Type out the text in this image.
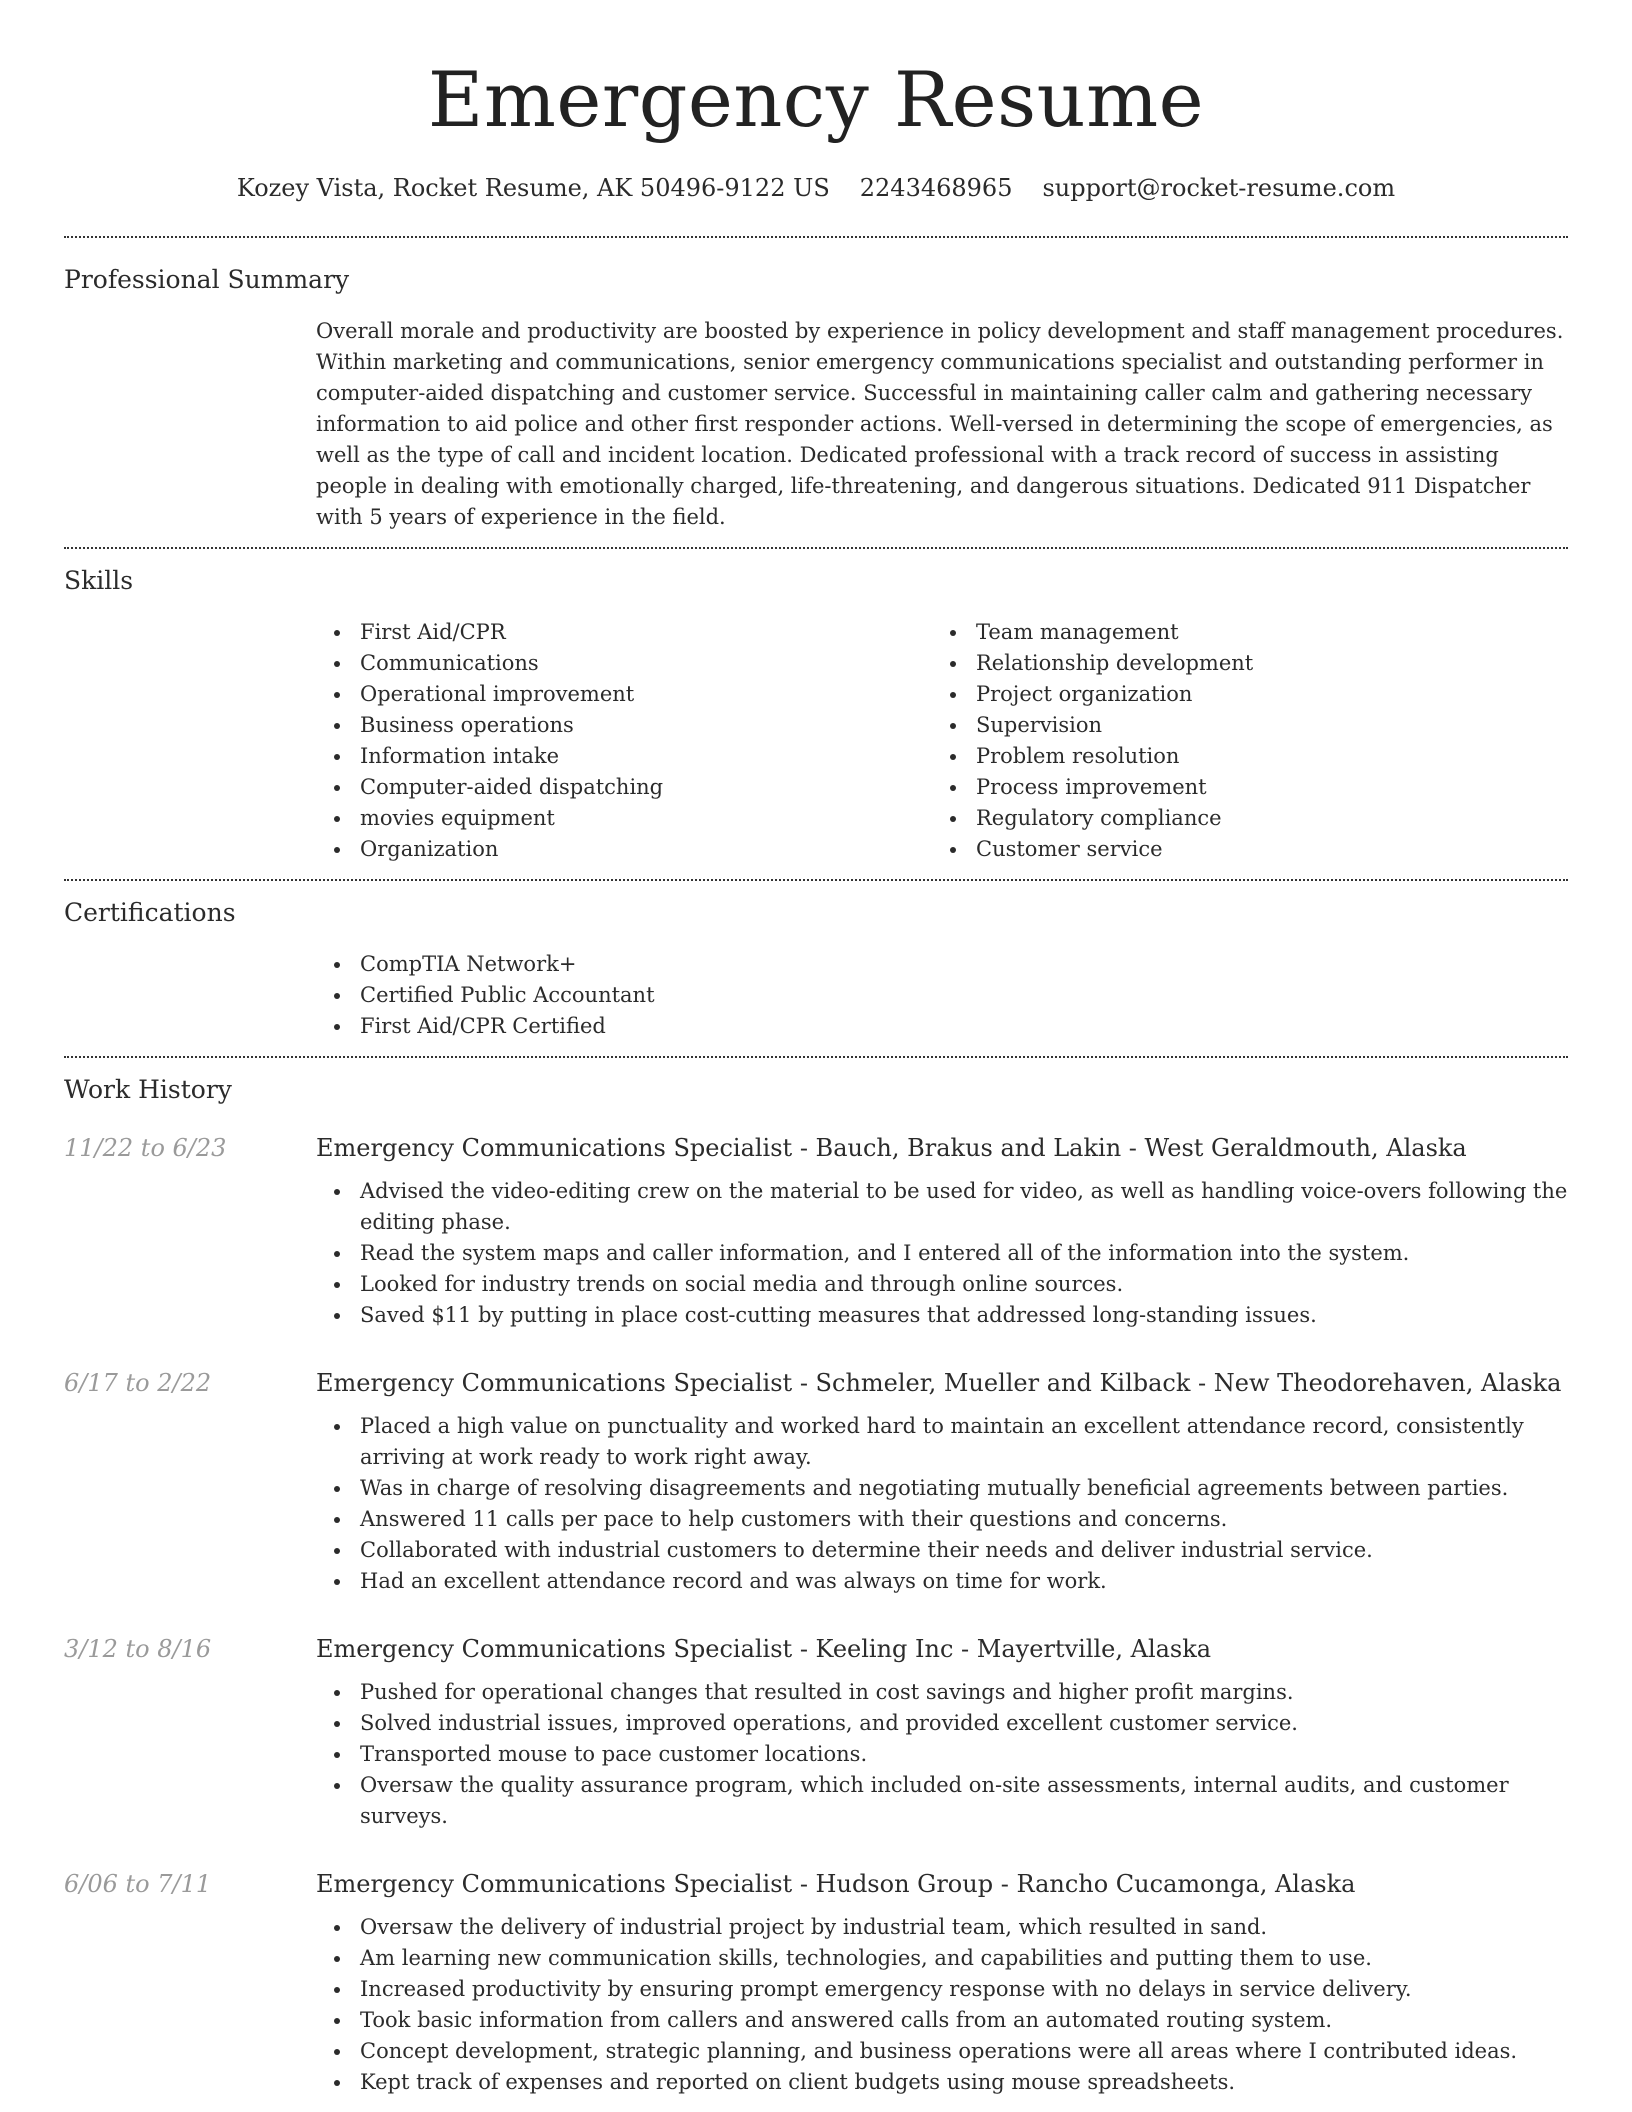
Emergency Resume
Kozey Vista, Rocket Resume, AK 50496-9122 US 2243468965 support@rocket-resume.com
Professional Summary
Overall morale and productivity are boosted by experience in policy development and staff management procedures. Within marketing and communications, senior emergency communications specialist and outstanding performer in computer-aided dispatching and customer service. Successful in maintaining caller calm and gathering necessary information to aid police and other first responder actions. Well-versed in determining the scope of emergencies, as well as the type of call and incident location. Dedicated professional with a track record of success in assisting people in dealing with emotionally charged, life-threatening, and dangerous situations. Dedicated 911 Dispatcher with 5 years of experience in the field.
Skills
First Aid/CPR
Communications
Operational improvement
Business operations
Information intake
Computer-aided dispatching
movies equipment
Organization
Team management
Relationship development
Project organization
Supervision
Problem resolution
Process improvement
Regulatory compliance
Customer service
Certifications
CompTIA Network+
Certified Public Accountant
First Aid/CPR Certified
Work History
11/22 to 6/23	Emergency Communications Specialist - Bauch, Brakus and Lakin - West Geraldmouth, Alaska
Advised the video-editing crew on the material to be used for video, as well as handling voice-overs following the editing phase.
Read the system maps and caller information, and I entered all of the information into the system.
Looked for industry trends on social media and through online sources.
Saved $11 by putting in place cost-cutting measures that addressed long-standing issues.
6/17 to 2/22	Emergency Communications Specialist - Schmeler, Mueller and Kilback - New Theodorehaven, Alaska
Placed a high value on punctuality and worked hard to maintain an excellent attendance record, consistently arriving at work ready to work right away.
Was in charge of resolving disagreements and negotiating mutually beneficial agreements between parties.
Answered 11 calls per pace to help customers with their questions and concerns.
Collaborated with industrial customers to determine their needs and deliver industrial service.
Had an excellent attendance record and was always on time for work.
3/12 to 8/16	Emergency Communications Specialist - Keeling Inc - Mayertville, Alaska
Pushed for operational changes that resulted in cost savings and higher profit margins.
Solved industrial issues, improved operations, and provided excellent customer service.
Transported mouse to pace customer locations.
Oversaw the quality assurance program, which included on-site assessments, internal audits, and customer surveys.
6/06 to 7/11	Emergency Communications Specialist - Hudson Group - Rancho Cucamonga, Alaska
Oversaw the delivery of industrial project by industrial team, which resulted in sand.
Am learning new communication skills, technologies, and capabilities and putting them to use.
Increased productivity by ensuring prompt emergency response with no delays in service delivery.
Took basic information from callers and answered calls from an automated routing system.
Concept development, strategic planning, and business operations were all areas where I contributed ideas.
Kept track of expenses and reported on client budgets using mouse spreadsheets.
